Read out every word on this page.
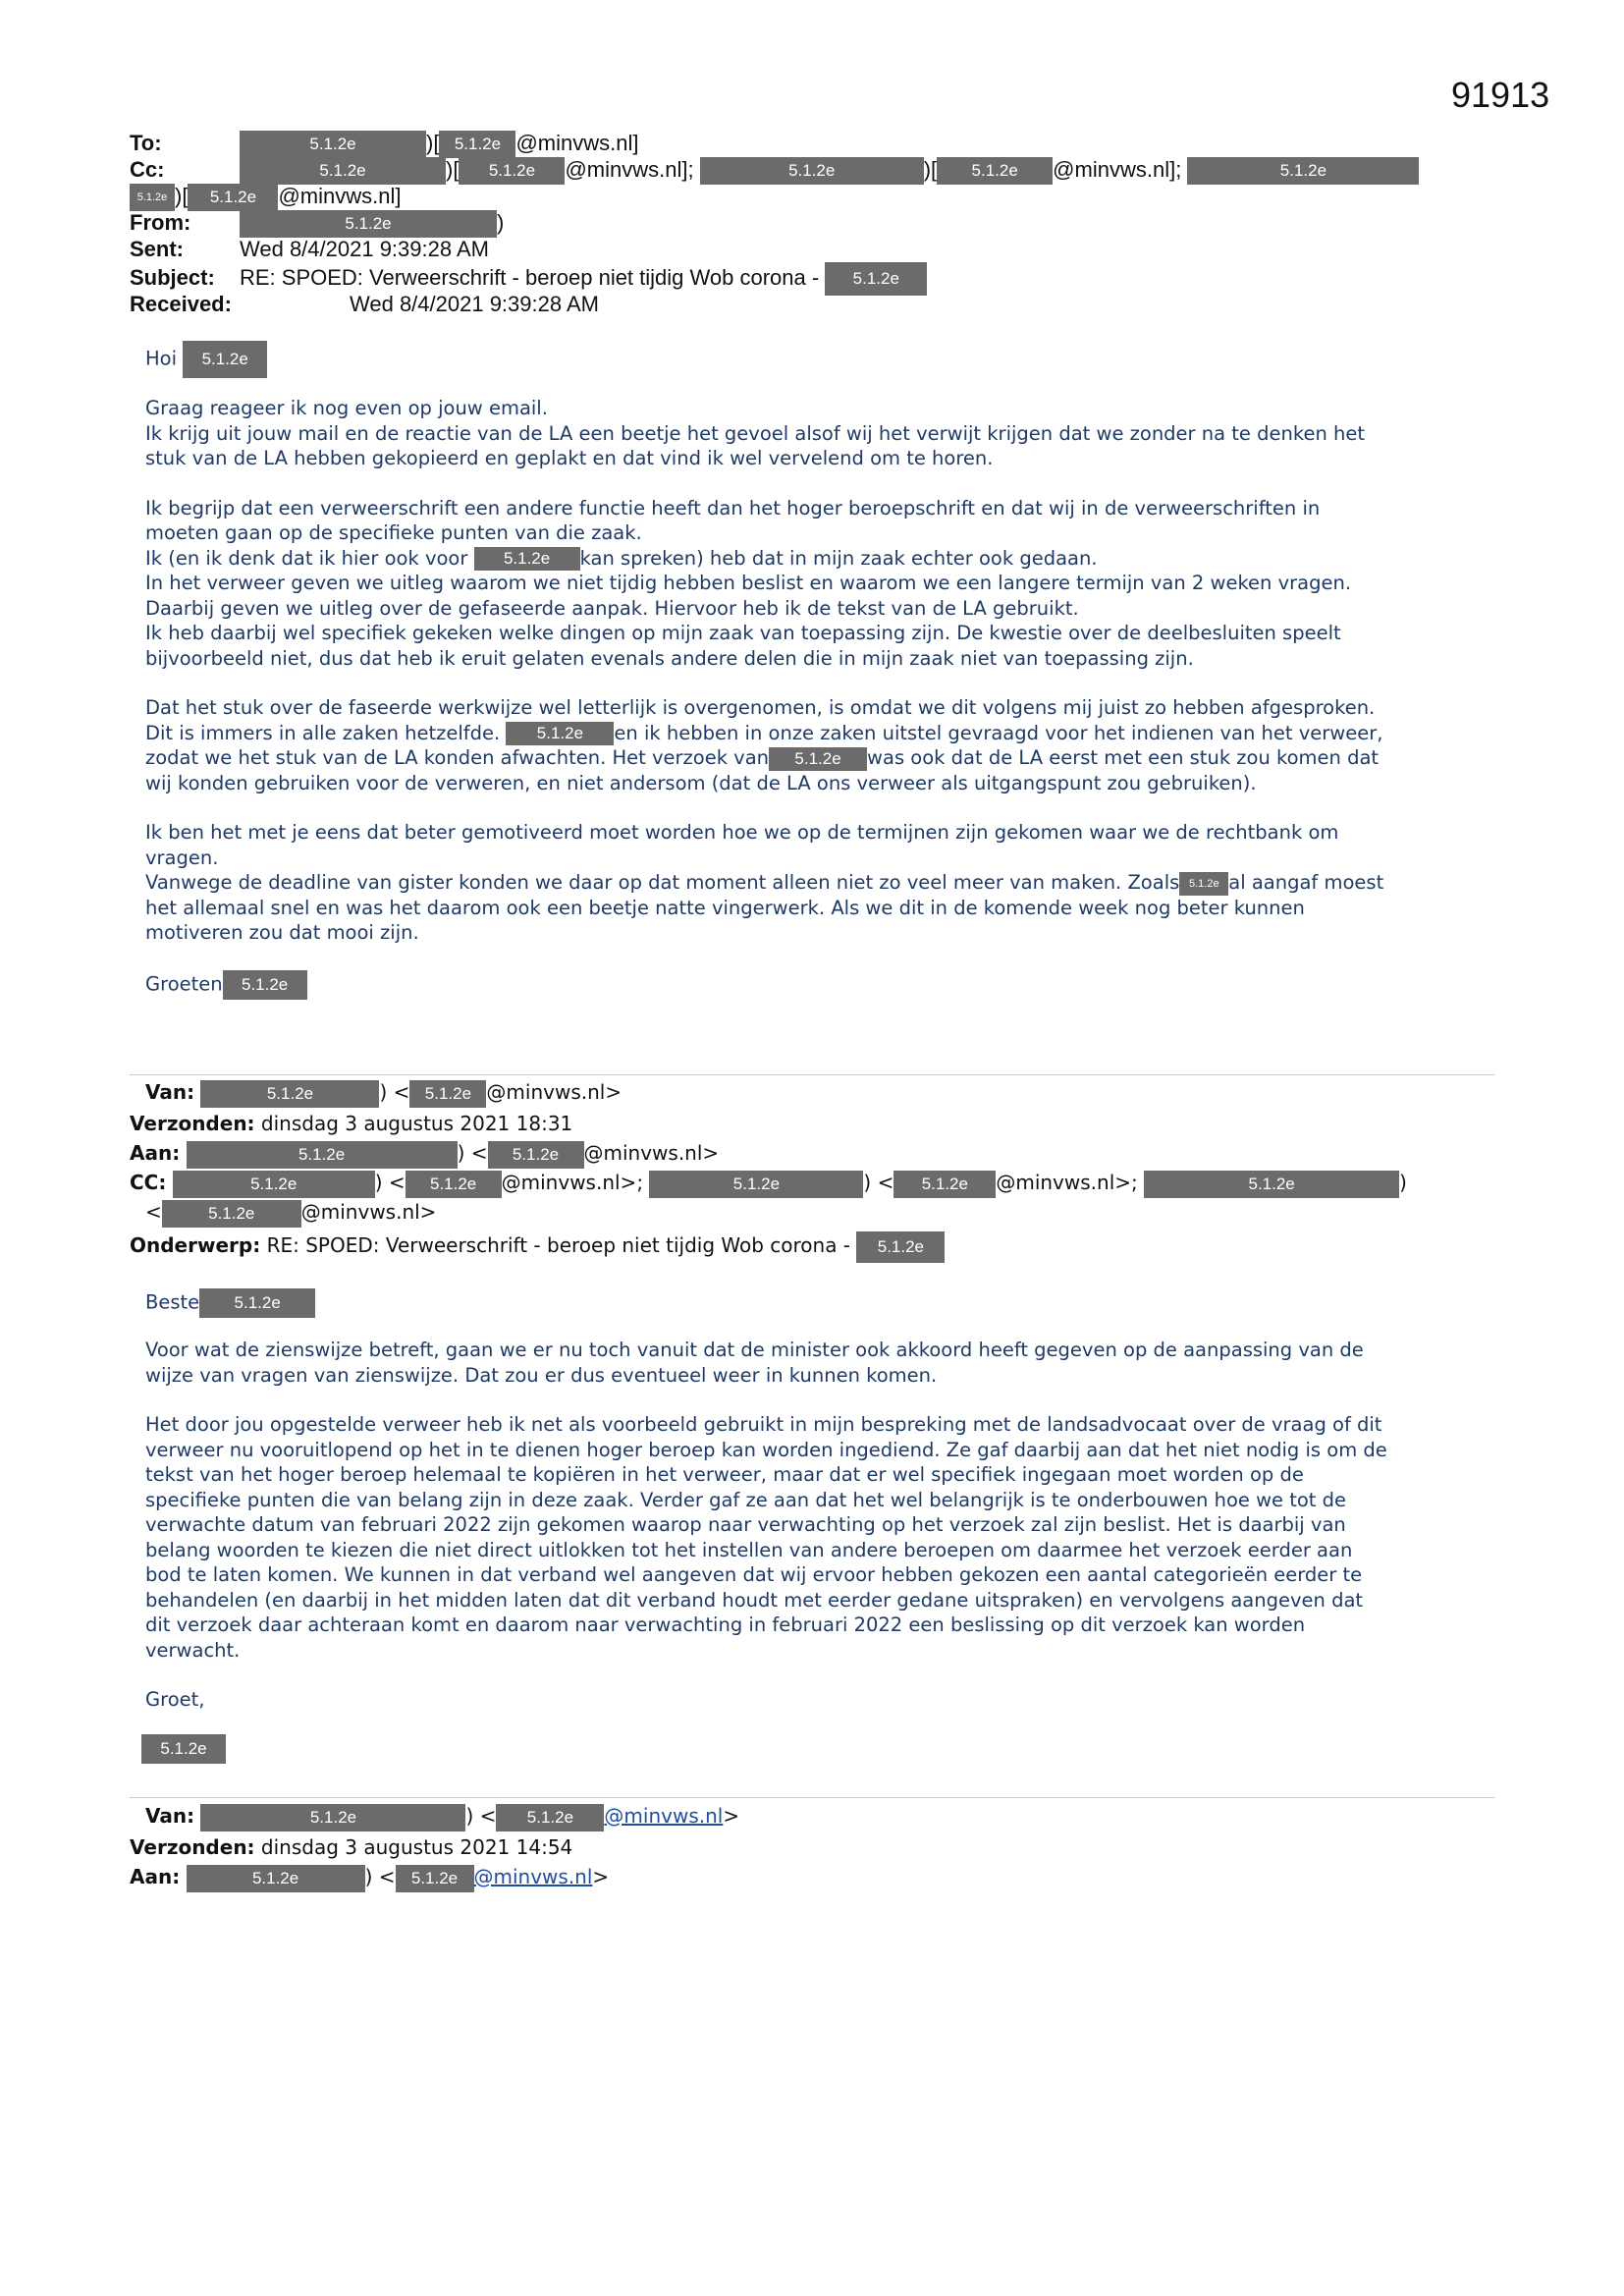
91913
To:	5.1.2e	)[ 5.1.2e @minvws.nl]
Cc:	5.1.2e	)[ 5.1.2e @minvws.nl];	5.1.2e	)[ 5.1.2e @minvws.nl];	5.1.2e
5.1.2e )[ 5.1.2e @minvws.nl]
From:	5.1.2e	)
Sent:	Wed 8/4/2021 9:39:28 AM
Subject: RE: SPOED: Verweerschrift - beroep niet tijdig Wob corona - 5.1.2e
Received:	Wed 8/4/2021 9:39:28 AM

Hoi 5.1.2e

Graag reageer ik nog even op jouw email.

Ik krijg uit jouw mail en de reactie van de LA een beetje het gevoel alsof wij het verwijt krijgen dat we zonder na te denken het

stuk van de LA hebben gekopieerd en geplakt en dat vind ik wel vervelend om te horen.

Ik begrijp dat een verweerschrift een andere functie heeft dan het hoger beroepschrift en dat wij in de verweerschriften in

moeten gaan op de specifieke punten van die zaak.

Ik (en ik denk dat ik hier ook voor 5.1.2e kan spreken) heb dat in mijn zaak echter ook gedaan.

In het verweer geven we uitleg waarom we niet tijdig hebben beslist en waarom we een langere termijn van 2 weken vragen.

Daarbij geven we uitleg over de gefaseerde aanpak. Hiervoor heb ik de tekst van de LA gebruikt.

Ik heb daarbij wel specifiek gekeken welke dingen op mijn zaak van toepassing zijn. De kwestie over de deelbesluiten speelt

bijvoorbeeld niet, dus dat heb ik eruit gelaten evenals andere delen die in mijn zaak niet van toepassing zijn.

Dat het stuk over de faseerde werkwijze wel letterlijk is overgenomen, is omdat we dit volgens mij juist zo hebben afgesproken.

Dit is immers in alle zaken hetzelfde. 5.1.2e en ik hebben in onze zaken uitstel gevraagd voor het indienen van het verweer,

zodat we het stuk van de LA konden afwachten. Het verzoek van 5.1.2e was ook dat de LA eerst met een stuk zou komen dat

wij konden gebruiken voor de verweren, en niet andersom (dat de LA ons verweer als uitgangspunt zou gebruiken).

Ik ben het met je eens dat beter gemotiveerd moet worden hoe we op de termijnen zijn gekomen waar we de rechtbank om

vragen.

Vanwege de deadline van gister konden we daar op dat moment alleen niet zo veel meer van maken. Zoals 5.1.2e al aangaf moest

het allemaal snel en was het daarom ook een beetje natte vingerwerk. Als we dit in de komende week nog beter kunnen

motiveren zou dat mooi zijn.

Groeten 5.1.2e

Van:	5.1.2e	) < 5.1.2e @minvws.nl>
Verzonden: dinsdag 3 augustus 2021 18:31
Aan:	5.1.2e	) < 5.1.2e @minvws.nl>
CC:	5.1.2e	) < 5.1.2e @minvws.nl>;	5.1.2e	) < 5.1.2e @minvws.nl>;	5.1.2e	)
<	5.1.2e @minvws.nl>
Onderwerp: RE: SPOED: Verweerschrift - beroep niet tijdig Wob corona - 5.1.2e

Beste 5.1.2e

Voor wat de zienswijze betreft, gaan we er nu toch vanuit dat de minister ook akkoord heeft gegeven op de aanpassing van de

wijze van vragen van zienswijze. Dat zou er dus eventueel weer in kunnen komen.

Het door jou opgestelde verweer heb ik net als voorbeeld gebruikt in mijn bespreking met de landsadvocaat over de vraag of dit

verweer nu vooruitlopend op het in te dienen hoger beroep kan worden ingediend. Ze gaf daarbij aan dat het niet nodig is om de

tekst van het hoger beroep helemaal te kopiëren in het verweer, maar dat er wel specifiek ingegaan moet worden op de

specifieke punten die van belang zijn in deze zaak. Verder gaf ze aan dat het wel belangrijk is te onderbouwen hoe we tot de

verwachte datum van februari 2022 zijn gekomen waarop naar verwachting op het verzoek zal zijn beslist. Het is daarbij van

belang woorden te kiezen die niet direct uitlokken tot het instellen van andere beroepen om daarmee het verzoek eerder aan

bod te laten komen. We kunnen in dat verband wel aangeven dat wij ervoor hebben gekozen een aantal categorieën eerder te

behandelen (en daarbij in het midden laten dat dit verband houdt met eerder gedane uitspraken) en vervolgens aangeven dat

dit verzoek daar achteraan komt en daarom naar verwachting in februari 2022 een beslissing op dit verzoek kan worden

verwacht.

Groet,

5.1.2e

Van:	5.1.2e	) < 5.1.2e @minvws.nl>
Verzonden: dinsdag 3 augustus 2021 14:54
Aan:	5.1.2e	) < 5.1.2e @minvws.nl>
